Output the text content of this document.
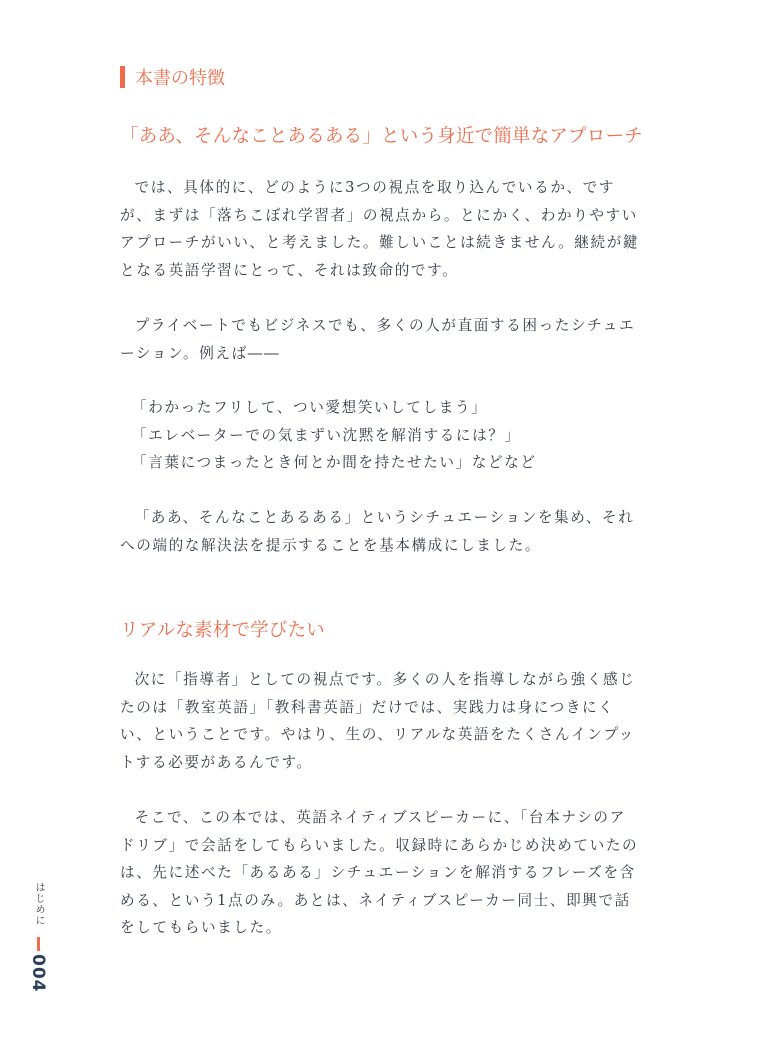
本書の特徴
「ああ、そんなことあるある」という身近で簡単なアプローチ

では、具体的に、どのように3つの視点を取り込んでいるか、ですが、まずは「落ちこぼれ学習者」の視点から。とにかく、わかりやすいアプローチがいい、と考えました。難しいことは続きません。継続が鍵となる英語学習にとって、それは致命的です。

プライベートでもビジネスでも、多くの人が直面する困ったシチュエーション。例えば――

「わかったフリして、つい愛想笑いしてしまう」
「エレベーターでの気まずい沈黙を解消するには？」
「言葉につまったとき何とか間を持たせたい」などなど

「ああ、そんなことあるある」というシチュエーションを集め、それへの端的な解決法を提示することを基本構成にしました。

リアルな素材で学びたい

次に「指導者」としての視点です。多くの人を指導しながら強く感じたのは「教室英語」「教科書英語」だけでは、実践力は身につきにくい、ということです。やはり、生の、リアルな英語をたくさんインプットする必要があるんです。

そこで、この本では、英語ネイティブスピーカーに、「台本ナシのアドリブ」で会話をしてもらいました。収録時にあらかじめ決めていたのは、先に述べた「あるある」シチュエーションを解消するフレーズを含める、という1点のみ。あとは、ネイティブスピーカー同士、即興で話をしてもらいました。

はじめに
004
